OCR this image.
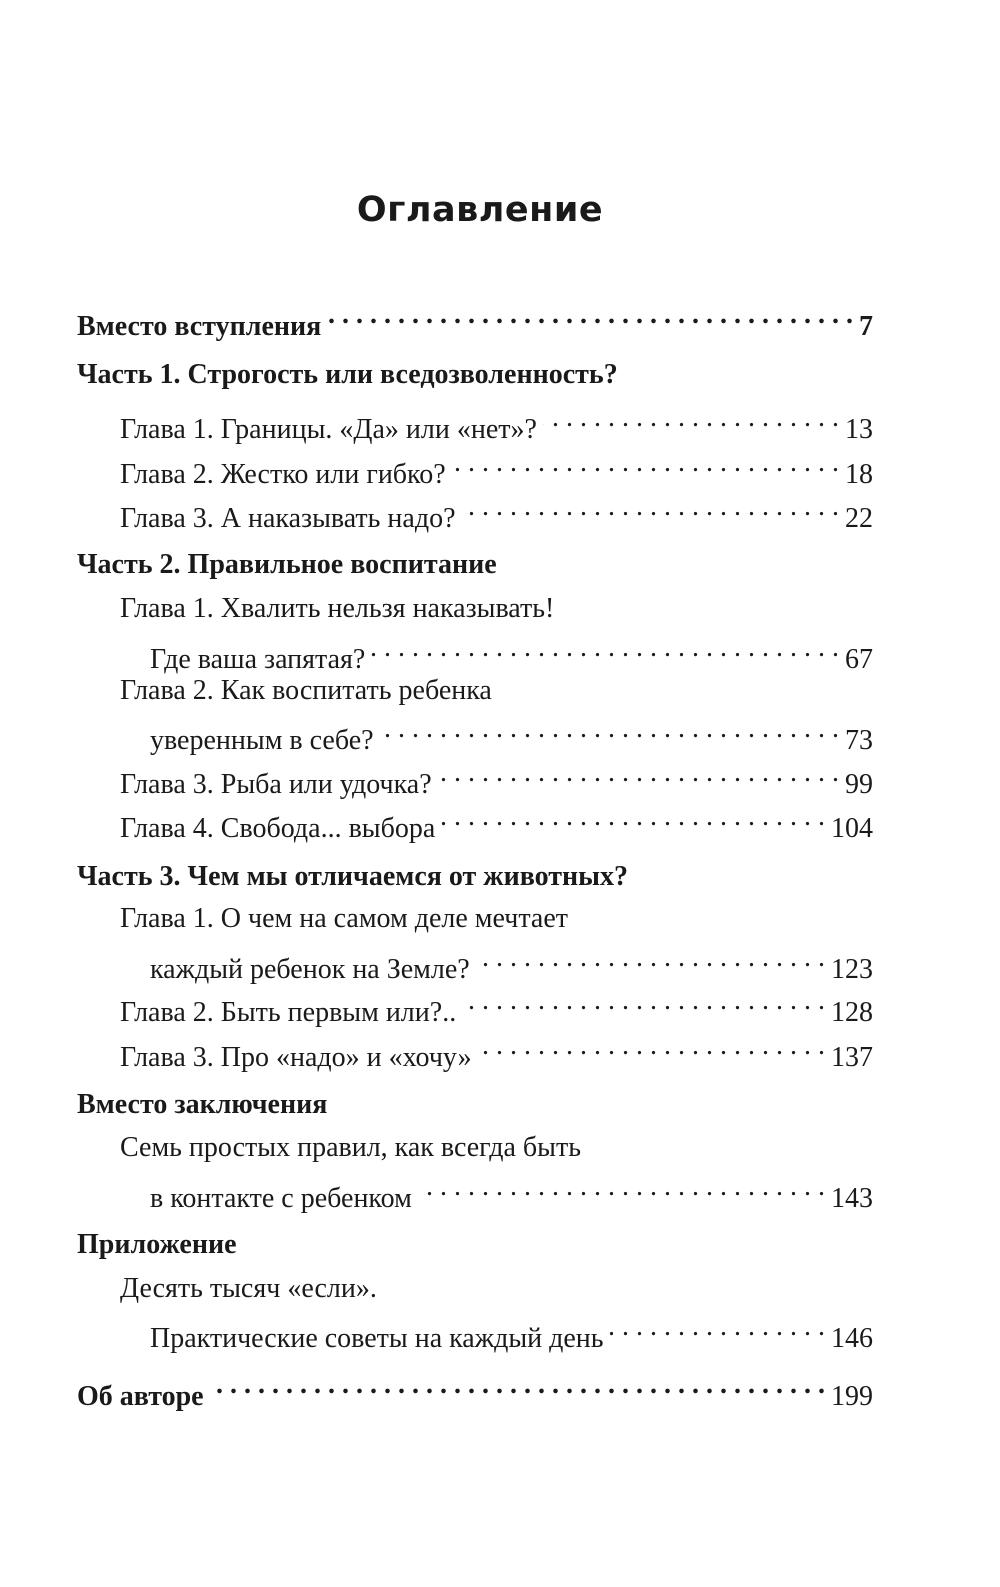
Оглавление
Вместо вступления . . .	7
Часть 1. Строгость или вседозволенность?
Глава 1. Границы. «Да» или «нет»? . . .	13
Глава 2. Жестко или гибко? . . .	18
Глава 3. А наказывать надо? . . .	22
Часть 2. Правильное воспитание
Глава 1. Хвалить нельзя наказывать!
Где ваша запятая? . . .	67
Глава 2. Как воспитать ребенка
уверенным в себе? . . .	73
Глава 3. Рыба или удочка? . . .	99
Глава 4. Свобода... выбора . . .	104
Часть 3. Чем мы отличаемся от животных?
Глава 1. О чем на самом деле мечтает
каждый ребенок на Земле? . . .	123
Глава 2. Быть первым или?.. . . .	128
Глава 3. Про «надо» и «хочу» . . .	137
Вместо заключения
Семь простых правил, как всегда быть
в контакте с ребенком . . .	143
Приложение
Десять тысяч «если».
Практические советы на каждый день . . .	146
Об авторе . . .	199
